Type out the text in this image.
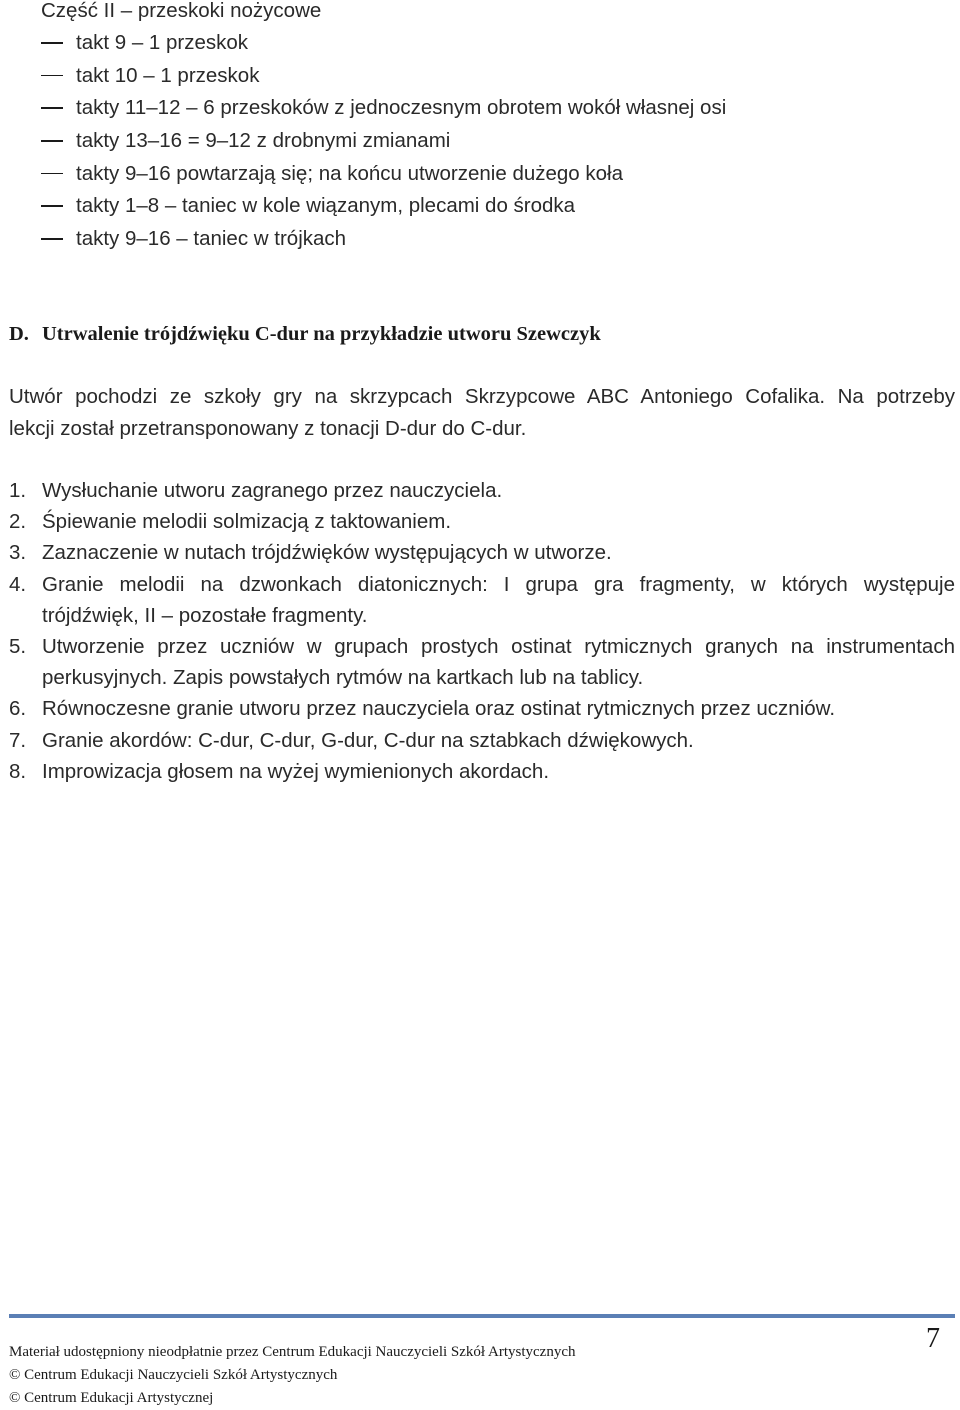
Część II – przeskoki nożycowe
takt 9 – 1 przeskok
takt 10 – 1 przeskok
takty 11–12 – 6 przeskoków z jednoczesnym obrotem wokół własnej osi
takty 13–16 = 9–12 z drobnymi zmianami
takty 9–16 powtarzają się; na końcu utworzenie dużego koła
takty 1–8 – taniec w kole wiązanym, plecami do środka
takty 9–16 – taniec w trójkach
D. Utrwalenie trójdźwięku C-dur na przykładzie utworu Szewczyk
Utwór pochodzi ze szkoły gry na skrzypcach Skrzypcowe ABC Antoniego Cofalika. Na potrzeby
lekcji został przetransponowany z tonacji D-dur do C-dur.
1. Wysłuchanie utworu zagranego przez nauczyciela.
2. Śpiewanie melodii solmizacją z taktowaniem.
3. Zaznaczenie w nutach trójdźwięków występujących w utworze.
4. Granie melodii na dzwonkach diatonicznych: I grupa gra fragmenty, w których występuje
trójdźwięk, II – pozostałe fragmenty.
5. Utworzenie przez uczniów w grupach prostych ostinat rytmicznych granych na instrumentach
perkusyjnych. Zapis powstałych rytmów na kartkach lub na tablicy.
6. Równoczesne granie utworu przez nauczyciela oraz ostinat rytmicznych przez uczniów.
7. Granie akordów: C-dur, C-dur, G-dur, C-dur na sztabkach dźwiękowych.
8. Improwizacja głosem na wyżej wymienionych akordach.
7
Materiał udostępniony nieodpłatnie przez Centrum Edukacji Nauczycieli Szkół Artystycznych
© Centrum Edukacji Nauczycieli Szkół Artystycznych
© Centrum Edukacji Artystycznej
